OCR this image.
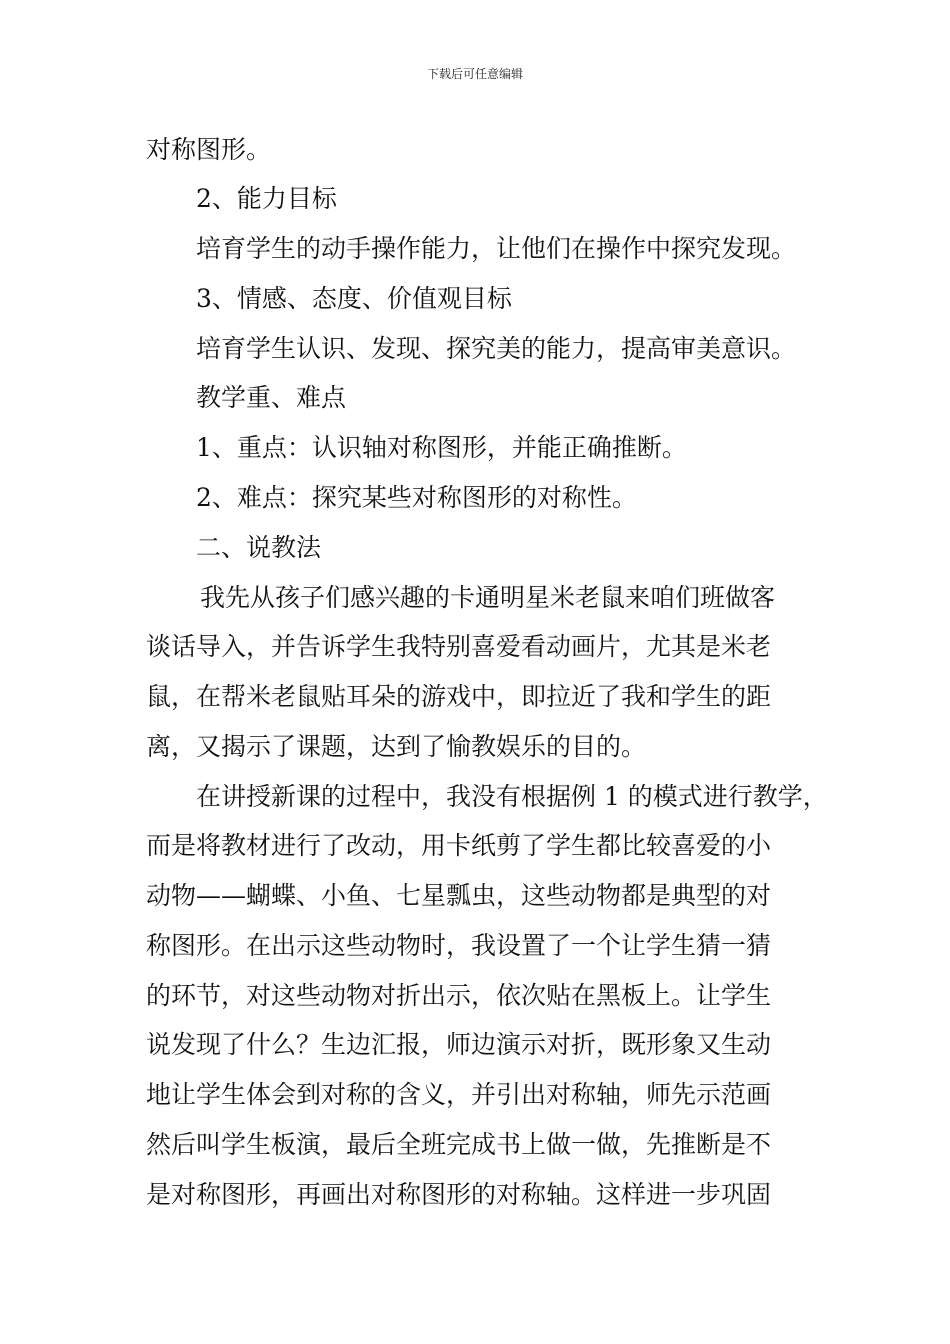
下载后可任意编辑
对称图形。
2、能力目标
培育学生的动手操作能力，让他们在操作中探究发现。
3、情感、态度、价值观目标
培育学生认识、发现、探究美的能力，提高审美意识。
教学重、难点
1、重点：认识轴对称图形，并能正确推断。
2、难点：探究某些对称图形的对称性。
二、说教法
我先从孩子们感兴趣的卡通明星米老鼠来咱们班做客
谈话导入，并告诉学生我特别喜爱看动画片，尤其是米老
鼠，在帮米老鼠贴耳朵的游戏中，即拉近了我和学生的距
离，又揭示了课题，达到了愉教娱乐的目的。
在讲授新课的过程中，我没有根据例 1 的模式进行教学，
而是将教材进行了改动，用卡纸剪了学生都比较喜爱的小
动物——蝴蝶、小鱼、七星瓢虫，这些动物都是典型的对
称图形。在出示这些动物时，我设置了一个让学生猜一猜
的环节，对这些动物对折出示，依次贴在黑板上。让学生
说发现了什么？生边汇报，师边演示对折，既形象又生动
地让学生体会到对称的含义，并引出对称轴，师先示范画
然后叫学生板演，最后全班完成书上做一做，先推断是不
是对称图形，再画出对称图形的对称轴。这样进一步巩固
